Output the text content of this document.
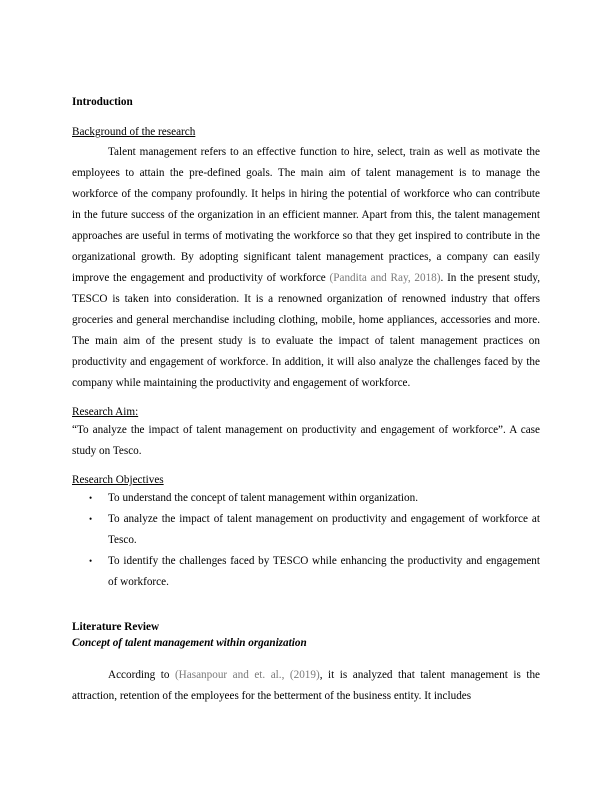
Introduction
Background of the research

Talent management refers to an effective function to hire, select, train as well as motivate the employees to attain the pre-defined goals. The main aim of talent management is to manage the workforce of the company profoundly. It helps in hiring the potential of workforce who can contribute in the future success of the organization in an efficient manner. Apart from this, the talent management approaches are useful in terms of motivating the workforce so that they get inspired to contribute in the organizational growth. By adopting significant talent management practices, a company can easily improve the engagement and productivity of workforce (Pandita and Ray, 2018). In the present study, TESCO is taken into consideration. It is a renowned organization of renowned industry that offers groceries and general merchandise including clothing, mobile, home appliances, accessories and more. The main aim of the present study is to evaluate the impact of talent management practices on productivity and engagement of workforce. In addition, it will also analyze the challenges faced by the company while maintaining the productivity and engagement of workforce.

Research Aim:

“To analyze the impact of talent management on productivity and engagement of workforce”. A case study on Tesco.

Research Objectives
• To understand the concept of talent management within organization.
• To analyze the impact of talent management on productivity and engagement of workforce at Tesco.
• To identify the challenges faced by TESCO while enhancing the productivity and engagement of workforce.
Literature Review
Concept of talent management within organization

According to (Hasanpour and et. al., (2019), it is analyzed that talent management is the attraction, retention of the employees for the betterment of the business entity. It includes
